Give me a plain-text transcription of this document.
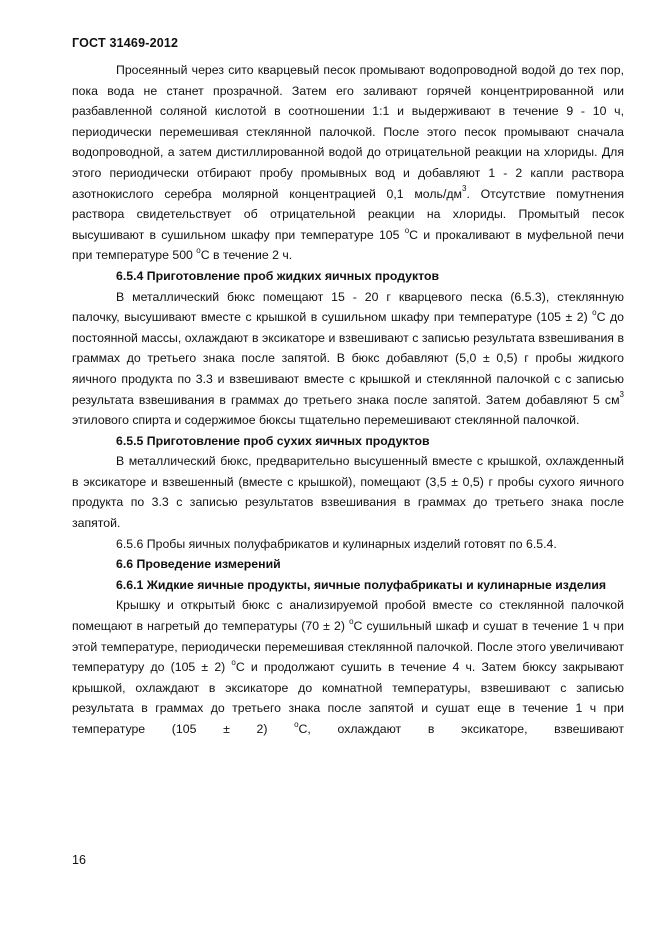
ГОСТ 31469-2012

Просеянный через сито кварцевый песок промывают водопроводной водой до тех пор, пока вода не станет прозрачной. Затем его заливают горячей концентрированной или разбавленной соляной кислотой в соотношении 1:1 и выдерживают в течение 9 - 10 ч, периодически перемешивая стеклянной палочкой. После этого песок промывают сначала водопроводной, а затем дистиллированной водой до отрицательной реакции на хлориды. Для этого периодически отбирают пробу промывных вод и добавляют 1 - 2 капли раствора азотнокислого серебра молярной концентрацией 0,1 моль/$дм^3$. Отсутствие помутнения раствора свидетельствует об отрицательной реакции на хлориды. Промытый песок высушивают в сушильном шкафу при температуре 105 $^о$С и прокаливают в муфельной печи при температуре 500 $^о$С в течение 2 ч.

6.5.4 Приготовление проб жидких яичных продуктов

В металлический бюкс помещают 15 - 20 г кварцевого песка (6.5.3), стеклянную палочку, высушивают вместе с крышкой в сушильном шкафу при температуре (105 ± 2) $^о$С до постоянной массы, охлаждают в эксикаторе и взвешивают с записью результата взвешивания в граммах до третьего знака после запятой. В бюкс добавляют (5,0 ± 0,5) г пробы жидкого яичного продукта по 3.3 и взвешивают вместе с крышкой и стеклянной палочкой с с записью результата взвешивания в граммах до третьего знака после запятой. Затем добавляют 5 $см^3$ этилового спирта и содержимое бюксы тщательно перемешивают стеклянной палочкой.

6.5.5 Приготовление проб сухих яичных продуктов

В металлический бюкс, предварительно высушенный вместе с крышкой, охлажденный в эксикаторе и взвешенный (вместе с крышкой), помещают (3,5 ± 0,5) г пробы сухого яичного продукта по 3.3 с записью результатов взвешивания в граммах до третьего знака после запятой.

6.5.6 Пробы яичных полуфабрикатов и кулинарных изделий готовят по 6.5.4.

6.6 Проведение измерений

6.6.1 Жидкие яичные продукты, яичные полуфабрикаты и кулинарные изделия

Крышку и открытый бюкс с анализируемой пробой вместе со стеклянной палочкой помещают в нагретый до температуры (70 ± 2) $^о$С сушильный шкаф и сушат в течение 1 ч при этой температуре, периодически перемешивая стеклянной палочкой. После этого увеличивают температуру до (105 ± 2) $^о$С и продолжают сушить в течение 4 ч. Затем бюксу закрывают крышкой, охлаждают в эксикаторе до комнатной температуры, взвешивают с записью результата в граммах до третьего знака после запятой и сушат еще в течение 1 ч при температуре (105 ± 2) $^о$С, охлаждают в эксикаторе, взвешивают

16
